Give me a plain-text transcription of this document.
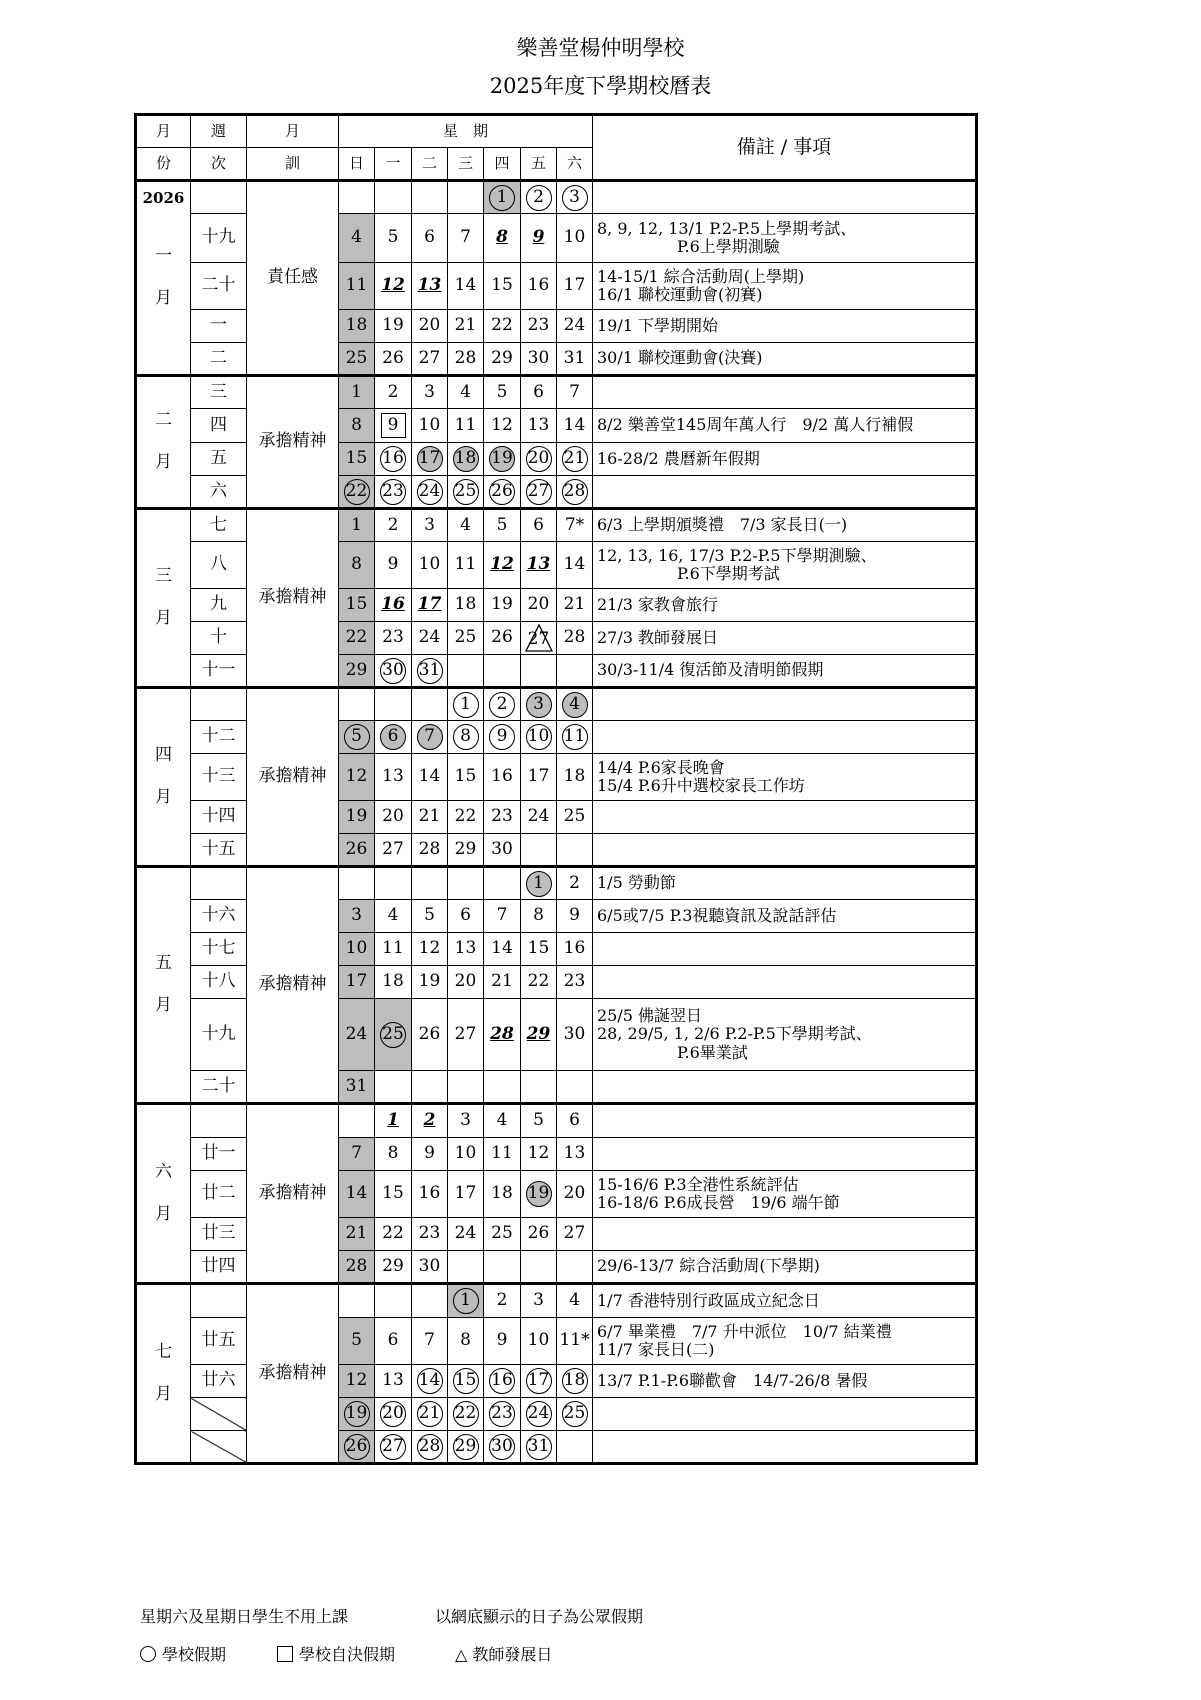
樂善堂楊仲明學校
2025年度下學期校曆表
月	週	月	星　期							備註 / 事項
份	次	訓	日	一	二	三	四	五	六	

2026
一
月		責任感					1	2	3	
	十九		4	5	6	7	8	9	10	8, 9, 12, 13/1 P.2-P.5上學期考試、
　　　　　P.6上學期測驗

	二十		11	12	13	14	15	16	17	14-15/1 綜合活動周(上學期)
16/1 聯校運動會(初賽)

	一		18	19	20	21	22	23	24	19/1 下學期開始

	二		25	26	27	28	29	30	31	30/1 聯校運動會(決賽)

二
月	三	承擔精神	1	2	3	4	5	6	7	
	四		8	9	10	11	12	13	14	8/2 樂善堂145周年萬人行　9/2 萬人行補假

	五		15	16	17	18	19	20	21	16-28/2 農曆新年假期

	六		22	23	24	25	26	27	28	

三
月	七	承擔精神	1	2	3	4	5	6	7*	6/3 上學期頒獎禮　7/3 家長日(一)

	八		8	9	10	11	12	13	14	12, 13, 16, 17/3 P.2-P.5下學期測驗、
　　　　　P.6下學期考試

	九		15	16	17	18	19	20	21	21/3 家教會旅行

	十		22	23	24	25	26	27	28	27/3 教師發展日

	十一		29	30	31					30/3-11/4 復活節及清明節假期

四
月		承擔精神				1	2	3	4	
	十二		5	6	7	8	9	10	11	
	十三		12	13	14	15	16	17	18	14/4 P.6家長晚會
15/4 P.6升中選校家長工作坊

	十四		19	20	21	22	23	24	25	
	十五		26	27	28	29	30			

五
月		承擔精神						1	2	1/5 勞動節

	十六		3	4	5	6	7	8	9	6/5或7/5 P.3視聽資訊及說話評估

	十七		10	11	12	13	14	15	16	
	十八		17	18	19	20	21	22	23	
	十九		24	25	26	27	28	29	30	25/5 佛誕翌日
28, 29/5, 1, 2/6 P.2-P.5下學期考試、
　　　　　P.6畢業試

	二十		31							

六
月		承擔精神		1	2	3	4	5	6	
	廿一		7	8	9	10	11	12	13	
	廿二		14	15	16	17	18	19	20	15-16/6 P.3全港性系統評估
16-18/6 P.6成長營　19/6 端午節

	廿三		21	22	23	24	25	26	27	
	廿四		28	29	30					29/6-13/7 綜合活動周(下學期)

七
月		承擔精神				1	2	3	4	1/7 香港特別行政區成立紀念日

	廿五		5	6	7	8	9	10	11*	6/7 畢業禮　7/7 升中派位　10/7 結業禮
11/7 家長日(二)

	廿六		12	13	14	15	16	17	18	13/7 P.1-P.6聯歡會　14/7-26/8 暑假

			19	20	21	22	23	24	25	
			26	27	28	29	30	31		
星期六及星期日學生不用上課	以網底顯示的日子為公眾假期
學校假期	學校自決假期	△ 教師發展日
